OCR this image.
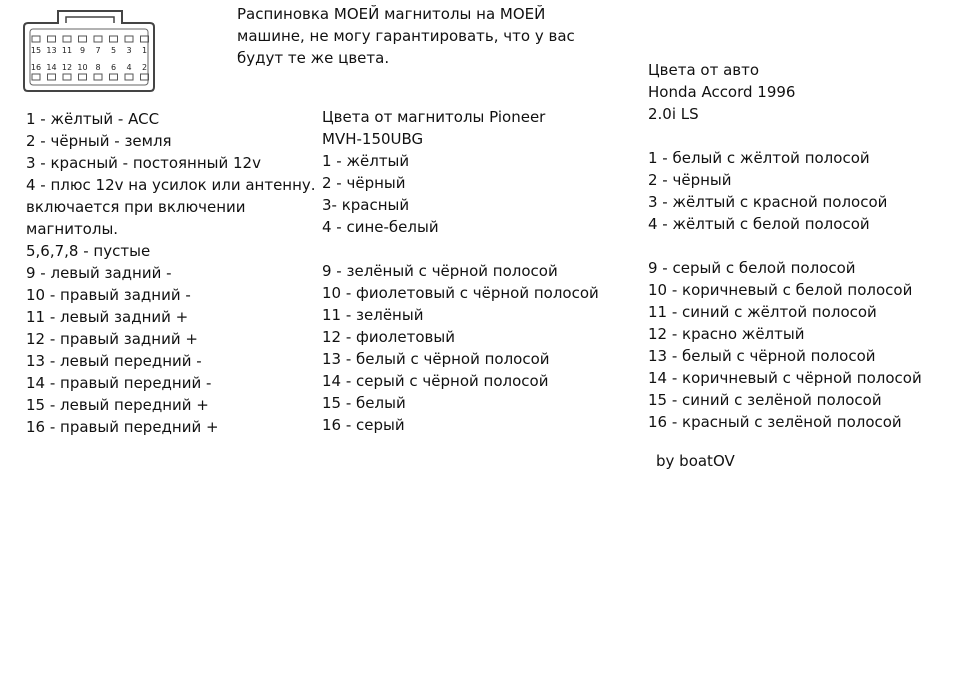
15 13 11 9 7 5 3 1
16 14 12 10 8 6 4 2
Распиновка МОЕЙ магнитолы на МОЕЙ
машине, не могу гарантировать, что у вас
будут те же цвета.
1 - жёлтый - ACC
2 - чёрный - земля
3 - красный - постоянный 12v
4 - плюс 12v на усилок или антенну.
включается при включении
магнитолы.
5,6,7,8 - пустые
9 - левый задний -
10 - правый задний -
11 - левый задний +
12 - правый задний +
13 - левый передний -
14 - правый передний -
15 - левый передний +
16 - правый передний +
Цвета от магнитолы Pioneer
MVH-150UBG
1 - жёлтый
2 - чёрный
3- красный
4 - сине-белый
9 - зелёный с чёрной полосой
10 - фиолетовый с чёрной полосой
11 - зелёный
12 - фиолетовый
13 - белый с чёрной полосой
14 - серый с чёрной полосой
15 - белый
16 - серый
Цвета от авто
Honda Accord 1996
2.0i LS
1 - белый с жёлтой полосой
2 - чёрный
3 - жёлтый с красной полосой
4 - жёлтый с белой полосой
9 - серый с белой полосой
10 - коричневый с белой полосой
11 - синий с жёлтой полосой
12 - красно жёлтый
13 - белый с чёрной полосой
14 - коричневый с чёрной полосой
15 - синий с зелёной полосой
16 - красный с зелёной полосой
by boatOV
